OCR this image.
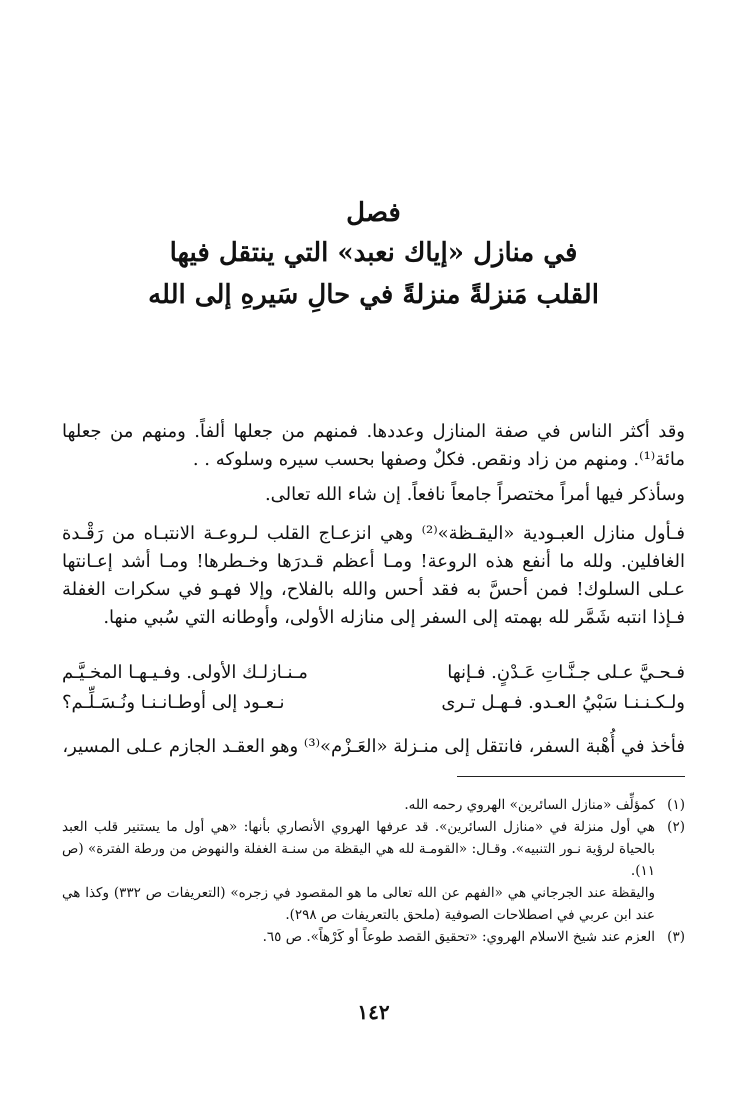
فصل
في منازل «إياك نعبد» التي ينتقل فيها
القلب مَنزلةً منزلةً في حالِ سَيرهِ إلى الله
وقد أكثر الناس في صفة المنازل وعددها. فمنهم من جعلها ألفاً. ومنهم من جعلها مائة⁽¹⁾. ومنهم من زاد ونقص. فكلٌ وصفها بحسب سيره وسلوكه . .
وسأذكر فيها أمراً مختصراً جامعاً نافعاً. إن شاء الله تعالى.
فـأول منازل العبـودية «اليقـظة»⁽²⁾ وهي انزعـاج القلب لـروعـة الانتبـاه من رَقْـدة الغافلين. ولله ما أنفع هذه الروعة! ومـا أعظم قـدرَها وخـطرها! ومـا أشد إعـانتها عـلى السلوك! فمن أحسَّ به فقد أحس والله بالفلاح، وإلا فهـو في سكرات الغفلة فـإذا انتبه شَمَّر لله بهمته إلى السفر إلى منازله الأولى، وأوطانه التي سُبي منها.
فـحـيَّ عـلى جـنَّـاتِ عَـدْنٍ. فـإنها
مـنـازلـك الأولى. وفـيـهـا المخـيَّـم
ولـكـنـنـا سَبْيُ العـدو. فـهـل تـرى
نـعـود إلى أوطـانـنـا ونُـسَـلِّـم؟
فأخذ في أُهْبة السفر، فانتقل إلى منـزلة «العَـزْم»⁽³⁾ وهو العقـد الجازم عـلى المسير،
(١)
كمؤلِّف «منازل السائرين» الهروي رحمه الله.
(٢)
هي أول منزلة في «منازل السائرين». قد عرفها الهروي الأنصاري بأنها: «هي أول ما يستنير قلب العبد بالحياة لرؤية نـور التنبيه». وقـال: «القومـة لله هي اليقظة من سنـة الغفلة والنهوض من ورطة الفترة» (ص ١١).
واليقظة عند الجرجاني هي «الفهم عن الله تعالى ما هو المقصود في زجره» (التعريفات ص ٣٣٢) وكذا هي عند ابن عربي في اصطلاحات الصوفية (ملحق بالتعريفات ص ٢٩٨).
(٣)
العزم عند شيخ الاسلام الهروي: «تحقيق القصد طوعاً أو كَرْهاً». ص ٦٥.
١٤٢
